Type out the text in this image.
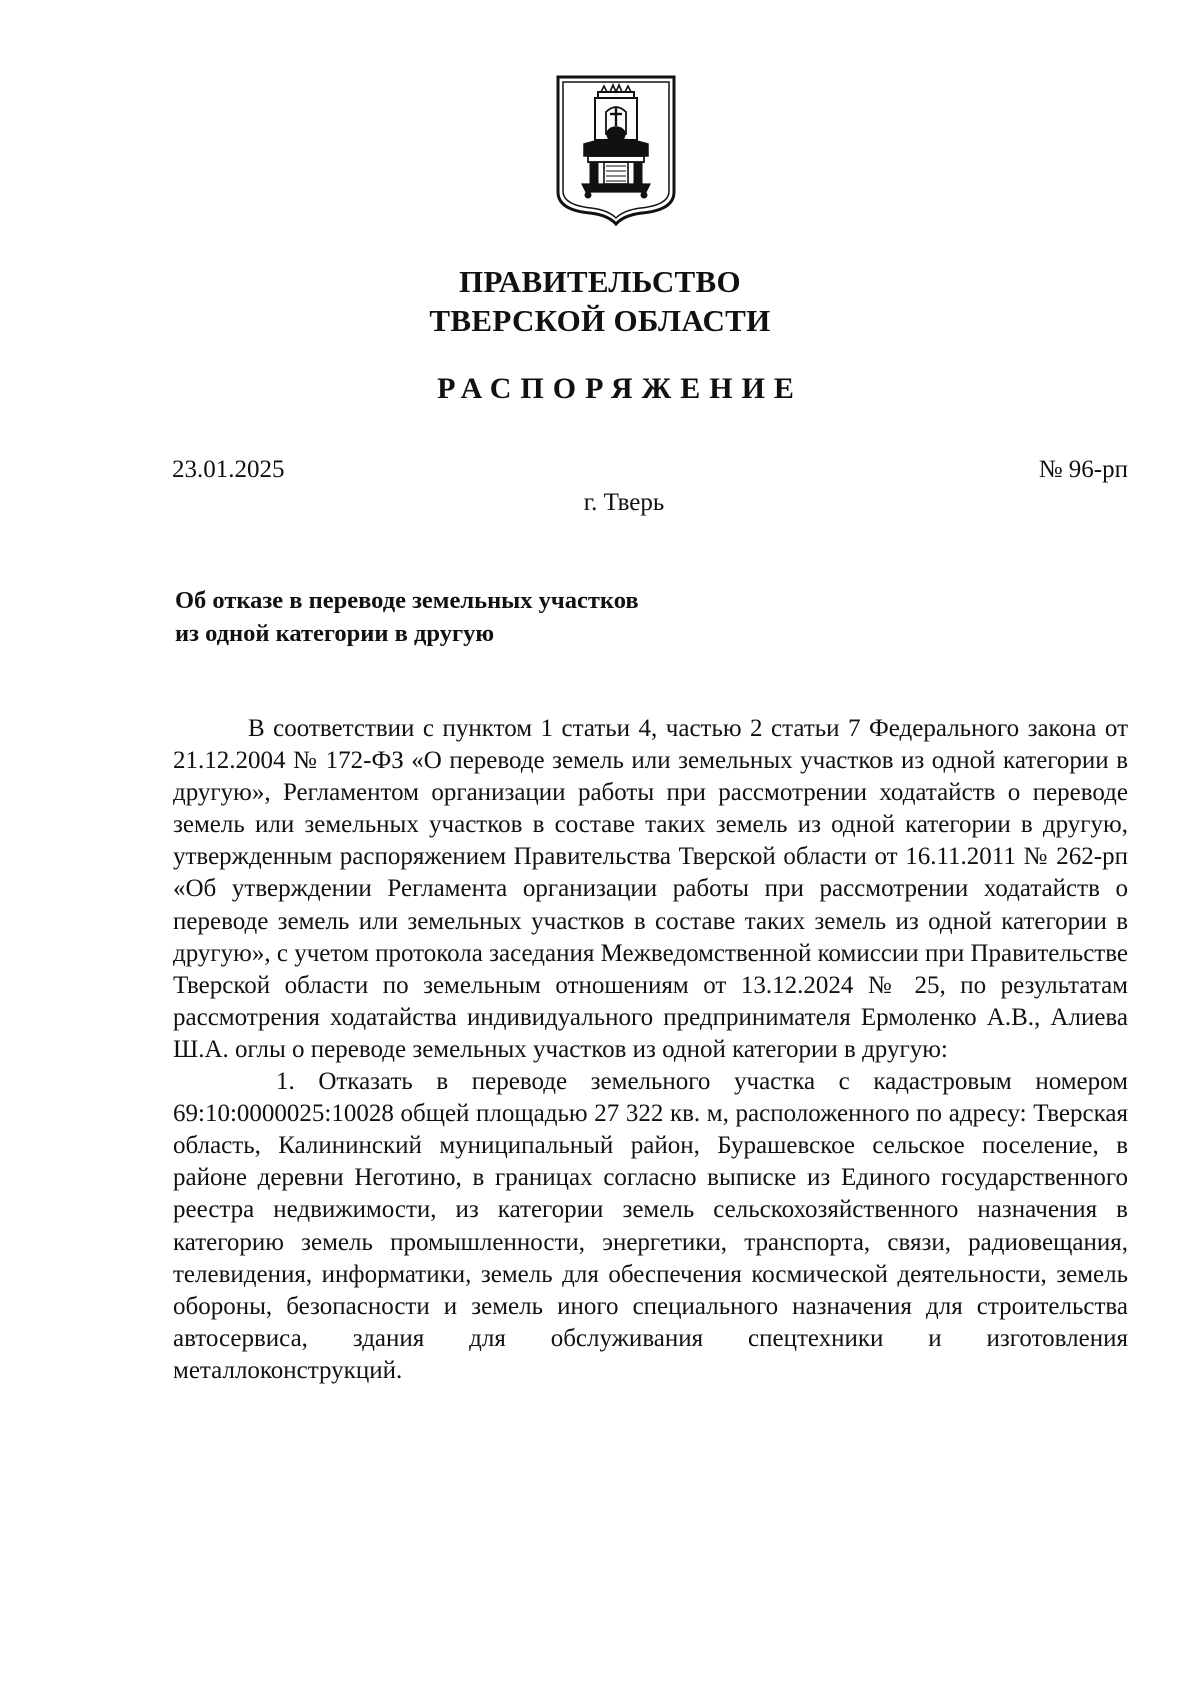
ПРАВИТЕЛЬСТВО
ТВЕРСКОЙ ОБЛАСТИ
РАСПОРЯЖЕНИЕ
23.01.2025	№ 96-рп
г. Тверь
Об отказе в переводе земельных участков
из одной категории в другую

В соответствии с пунктом 1 статьи 4, частью 2 статьи 7 Федерального закона от 21.12.2004 № 172-ФЗ «О переводе земель или земельных участков из одной категории в другую», Регламентом организации работы при рассмотрении ходатайств о переводе земель или земельных участков в составе таких земель из одной категории в другую, утвержденным распоряжением Правительства Тверской области от 16.11.2011 № 262-рп «Об утверждении Регламента организации работы при рассмотрении ходатайств о переводе земель или земельных участков в составе таких земель из одной категории в другую», с учетом протокола заседания Межведомственной комиссии при Правительстве Тверской области по земельным отношениям от 13.12.2024 № 25, по результатам рассмотрения ходатайства индивидуального предпринимателя Ермоленко А.В., Алиева Ш.А. оглы о переводе земельных участков из одной категории в другую:

1. Отказать в переводе земельного участка с кадастровым номером 69:10:0000025:10028 общей площадью 27 322 кв. м, расположенного по адресу: Тверская область, Калининский муниципальный район, Бурашевское сельское поселение, в районе деревни Неготино, в границах согласно выписке из Единого государственного реестра недвижимости, из категории земель сельскохозяйственного назначения в категорию земель промышленности, энергетики, транспорта, связи, радиовещания, телевидения, информатики, земель для обеспечения космической деятельности, земель обороны, безопасности и земель иного специального назначения для строительства автосервиса, здания для обслуживания спецтехники и изготовления металлоконструкций.
